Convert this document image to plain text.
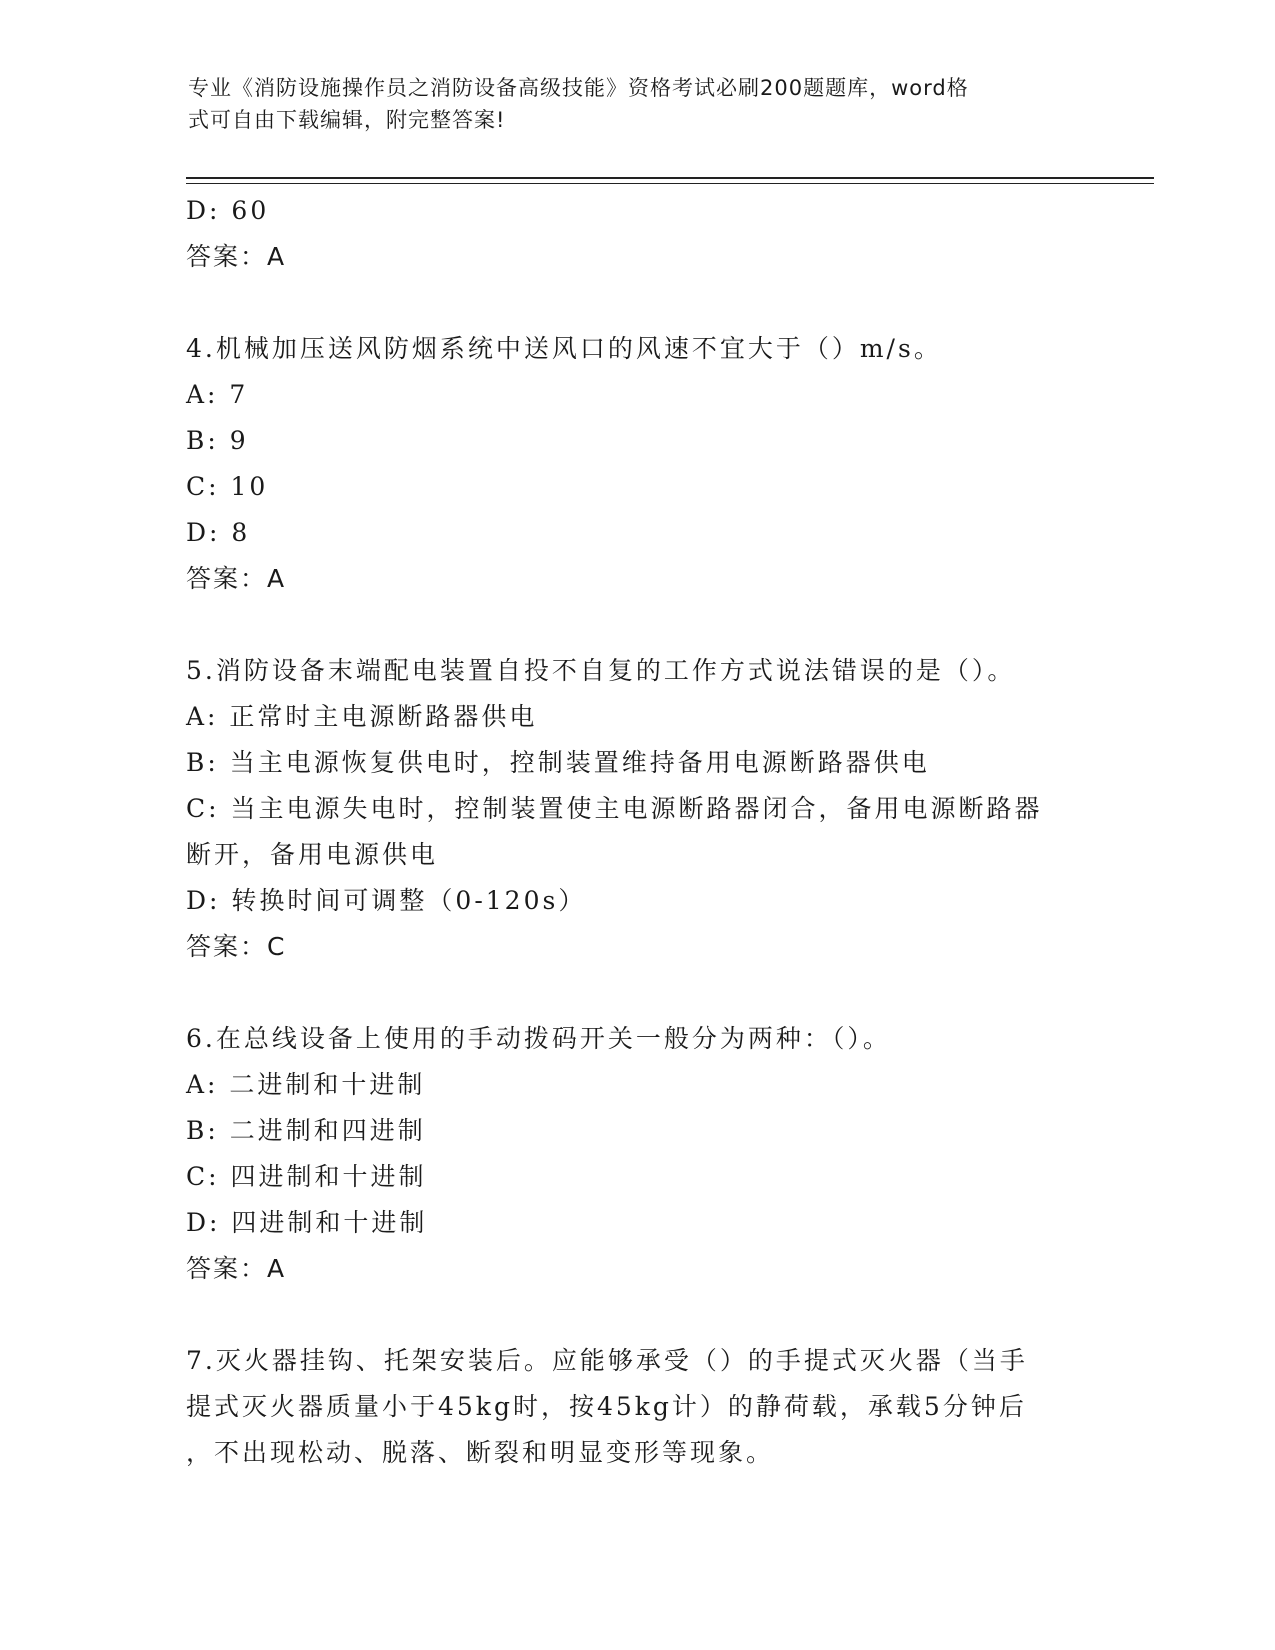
专业《消防设施操作员之消防设备高级技能》资格考试必刷200题题库，word格
式可自由下载编辑，附完整答案!
D: 60
答案：A
4.机械加压送风防烟系统中送风口的风速不宜大于（）m/s。
A: 7
B: 9
C: 10
D: 8
答案：A
5.消防设备末端配电装置自投不自复的工作方式说法错误的是（）。
A: 正常时主电源断路器供电
B: 当主电源恢复供电时，控制装置维持备用电源断路器供电
C: 当主电源失电时，控制装置使主电源断路器闭合，备用电源断路器
断开，备用电源供电
D: 转换时间可调整（0-120s）
答案：C
6.在总线设备上使用的手动拨码开关一般分为两种：（）。
A: 二进制和十进制
B: 二进制和四进制
C: 四进制和十进制
D: 四进制和十进制
答案：A
7.灭火器挂钩、托架安装后。应能够承受（）的手提式灭火器（当手
提式灭火器质量小于45kg时，按45kg计）的静荷载，承载5分钟后
，不出现松动、脱落、断裂和明显变形等现象。
